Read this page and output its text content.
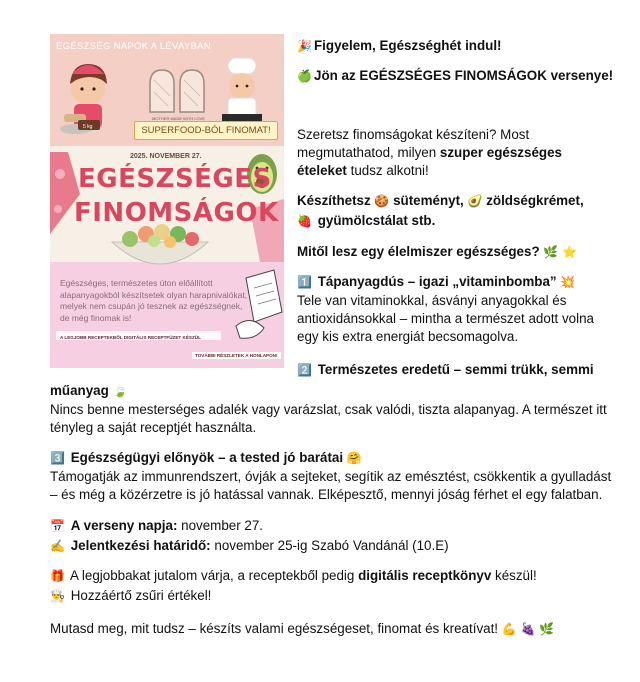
5 kg
MOTHER MADE WITH LOVE
EGÉSZSÉG NAPOK A LÉVAYBAN
SUPERFOOD-BÓL FINOMAT!
2025. NOVEMBER 27.
EGÉSZSÉGES
FINOMSÁGOK
Egészséges, természetes úton előállított alapanyagokból készítsetek olyan harapnivalókat, melyek nem csupán jó tesznek az egészségnek, de még finomak is!
A LEGJOBB RECEPTEKBŐL DIGITÁLIS RECEPTFÜZET KÉSZÜL
TOVÁBBI RÉSZLETEK A HONLAPON!
🎉 Figyelem, Egészséghét indul!
🍏 Jön az EGÉSZSÉGES FINOMSÁGOK versenye!
Szeretsz finomságokat készíteni? Most
megmutathatod, milyen szuper egészséges
ételeket tudsz alkotni!
Készíthetsz 🍪 süteményt, 🥑 zöldségkrémet,
🍓 gyümölcstálat stb.
Mitől lesz egy élelmiszer egészséges? 🌿 ⭐
1️⃣ Tápanyagdús – igazi „vitaminbomba” 💥
Tele van vitaminokkal, ásványi anyagokkal és
antioxidánsokkal – mintha a természet adott volna
egy kis extra energiát becsomagolva.
2️⃣ Természetes eredetű – semmi trükk, semmi
műanyag 🍃
Nincs benne mesterséges adalék vagy varázslat, csak valódi, tiszta alapanyag. A természet itt
tényleg a saját receptjét használta.
3️⃣ Egészségügyi előnyök – a tested jó barátai 🤗
Támogatják az immunrendszert, óvják a sejteket, segítik az emésztést, csökkentik a gyulladást
– és még a közérzetre is jó hatással vannak. Elképesztő, mennyi jóság férhet el egy falatban.
📅 A verseny napja: november 27.
✍️ Jelentkezési határidő: november 25-ig Szabó Vandánál (10.E)
🎁 A legjobbakat jutalom várja, a receptekből pedig digitális receptkönyv készül!
👨‍🍳 Hozzáértő zsűri értékel!
Mutasd meg, mit tudsz – készíts valami egészségeset, finomat és kreatívat! 💪 🍇 🌿
